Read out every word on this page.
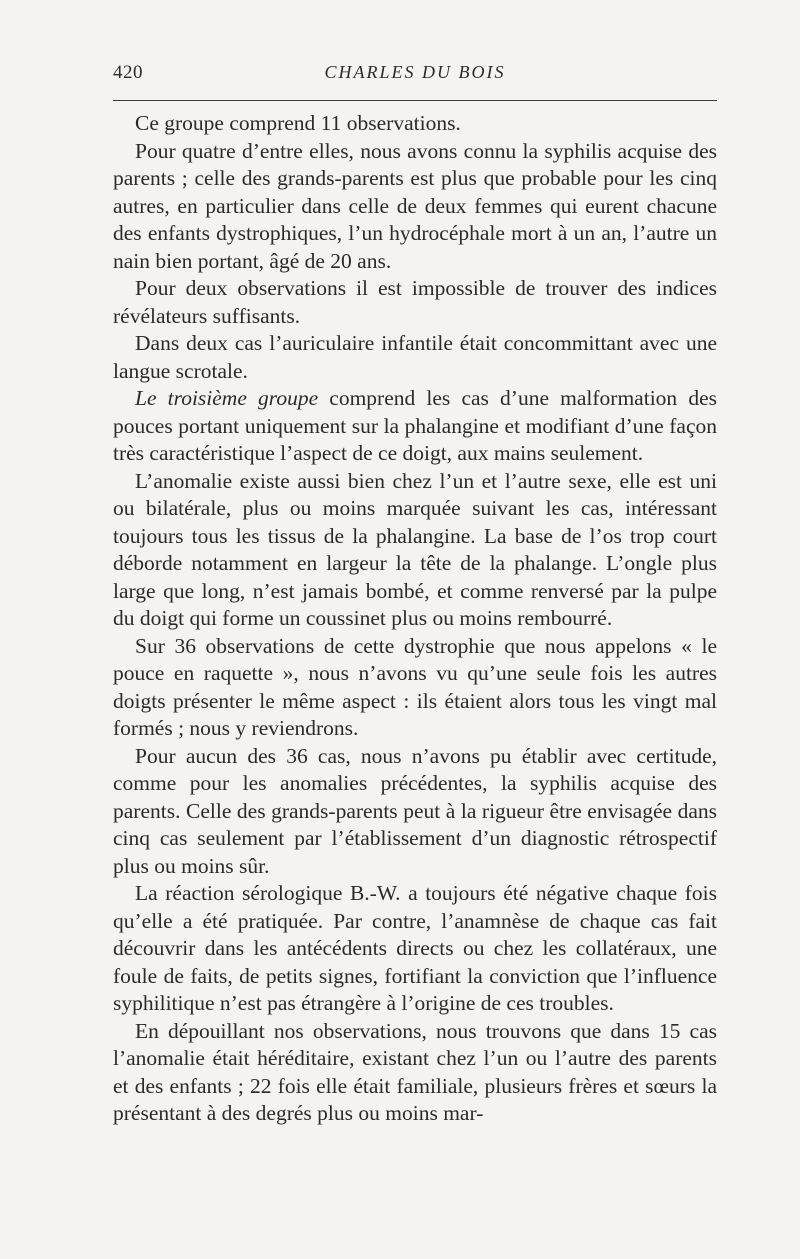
420	CHARLES DU BOIS

Ce groupe comprend 11 observations.

Pour quatre d’entre elles, nous avons connu la syphilis acquise des parents ; celle des grands-parents est plus que probable pour les cinq autres, en particulier dans celle de deux femmes qui eurent chacune des enfants dystrophiques, l’un hydrocéphale mort à un an, l’autre un nain bien portant, âgé de 20 ans.

Pour deux observations il est impossible de trouver des indices révélateurs suffisants.

Dans deux cas l’auriculaire infantile était concommittant avec une langue scrotale.

Le troisième groupe comprend les cas d’une malformation des pouces portant uniquement sur la phalangine et modifiant d’une façon très caractéristique l’aspect de ce doigt, aux mains seulement.

L’anomalie existe aussi bien chez l’un et l’autre sexe, elle est uni ou bilatérale, plus ou moins marquée suivant les cas, intéressant toujours tous les tissus de la phalangine. La base de l’os trop court déborde notamment en largeur la tête de la phalange. L’ongle plus large que long, n’est jamais bombé, et comme renversé par la pulpe du doigt qui forme un coussinet plus ou moins rembourré.

Sur 36 observations de cette dystrophie que nous appelons « le pouce en raquette », nous n’avons vu qu’une seule fois les autres doigts présenter le même aspect : ils étaient alors tous les vingt mal formés ; nous y reviendrons.

Pour aucun des 36 cas, nous n’avons pu établir avec certitude, comme pour les anomalies précédentes, la syphilis acquise des parents. Celle des grands-parents peut à la rigueur être envisagée dans cinq cas seulement par l’établissement d’un diagnostic rétrospectif plus ou moins sûr.

La réaction sérologique B.-W. a toujours été négative chaque fois qu’elle a été pratiquée. Par contre, l’anamnèse de chaque cas fait découvrir dans les antécédents directs ou chez les collatéraux, une foule de faits, de petits signes, fortifiant la conviction que l’influence syphilitique n’est pas étrangère à l’origine de ces troubles.

En dépouillant nos observations, nous trouvons que dans 15 cas l’anomalie était héréditaire, existant chez l’un ou l’autre des parents et des enfants ; 22 fois elle était familiale, plusieurs frères et sœurs la présentant à des degrés plus ou moins mar-
